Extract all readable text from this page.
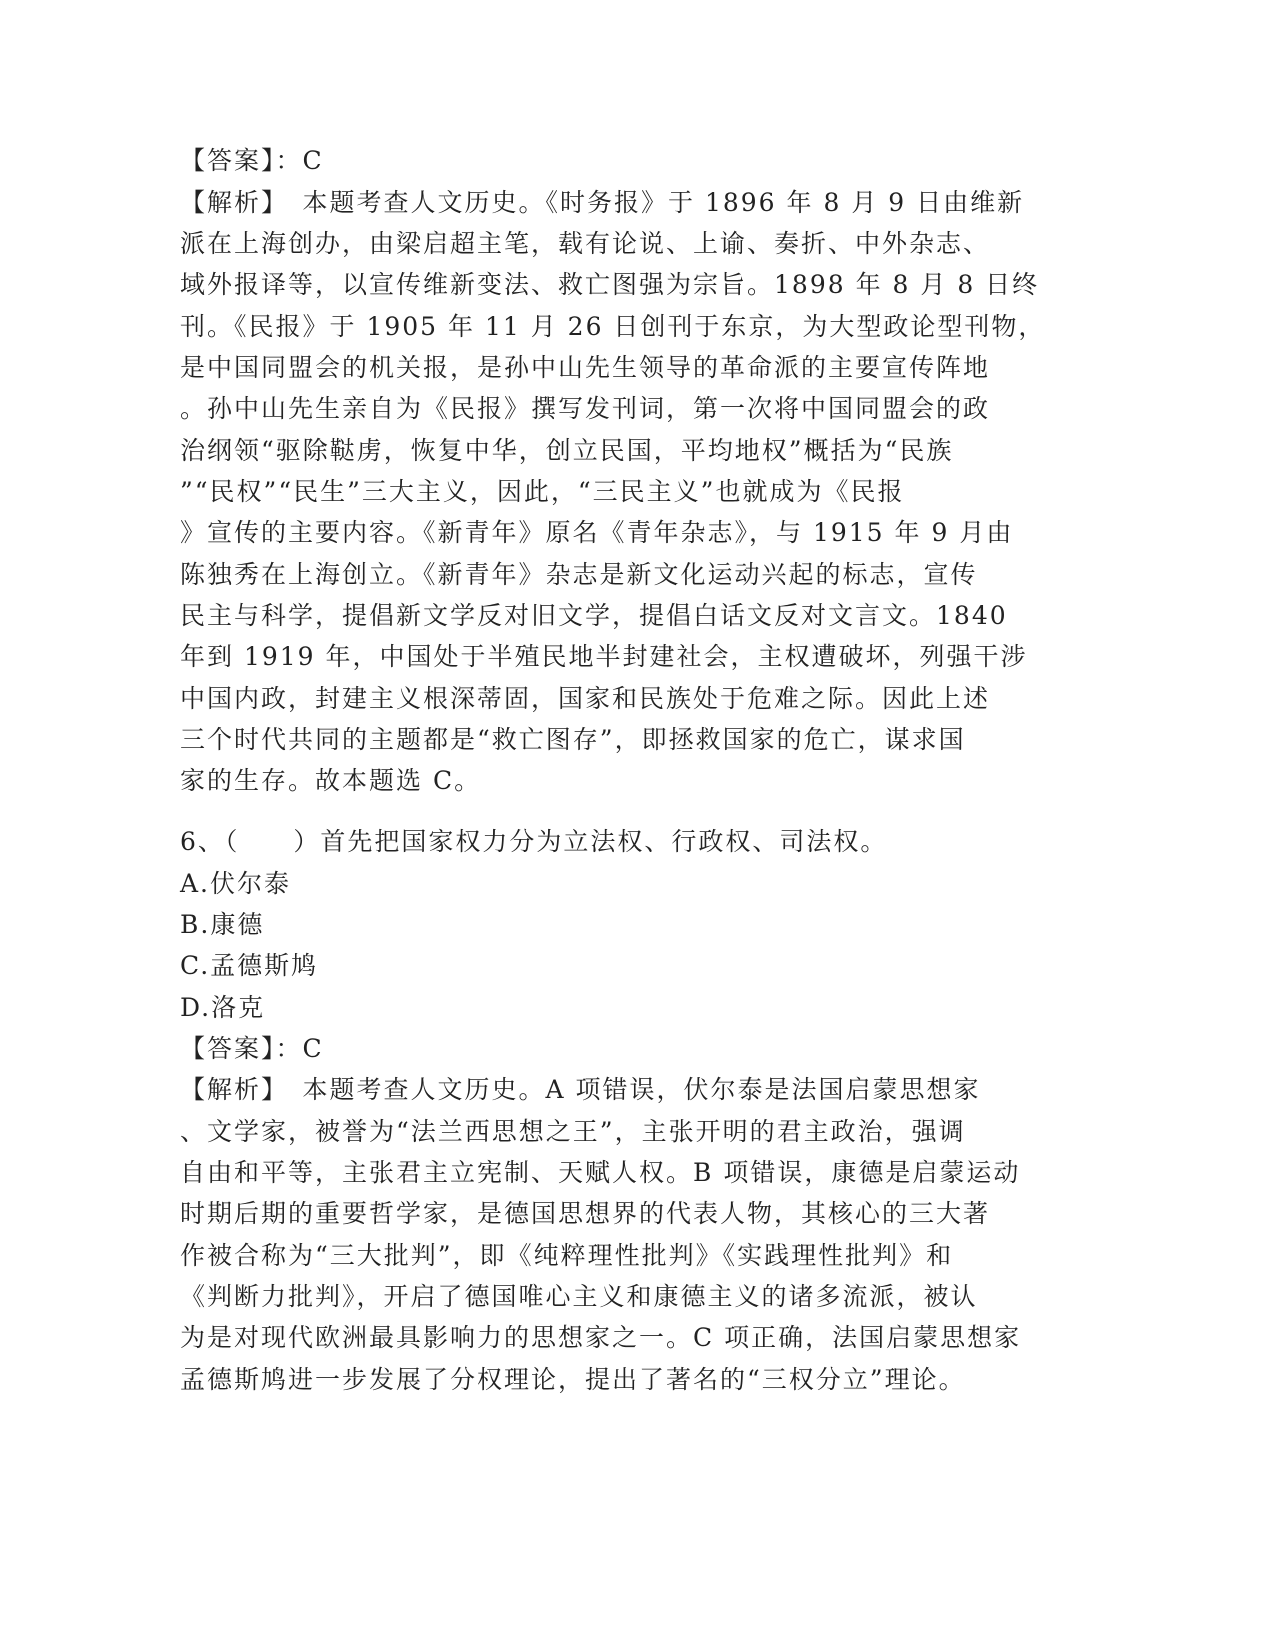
【答案】：C
【解析】　本题考查人文历史。《时务报》于 1896 年 8 月 9 日由维新
派在上海创办，由梁启超主笔，载有论说、上谕、奏折、中外杂志、
域外报译等，以宣传维新变法、救亡图强为宗旨。1898 年 8 月 8 日终
刊。《民报》于 1905 年 11 月 26 日创刊于东京，为大型政论型刊物，
是中国同盟会的机关报，是孙中山先生领导的革命派的主要宣传阵地
。孙中山先生亲自为《民报》撰写发刊词，第一次将中国同盟会的政
治纲领“驱除鞑虏，恢复中华，创立民国，平均地权”概括为“民族
”“民权”“民生”三大主义，因此，“三民主义”也就成为《民报
》宣传的主要内容。《新青年》原名《青年杂志》，与 1915 年 9 月由
陈独秀在上海创立。《新青年》杂志是新文化运动兴起的标志，宣传
民主与科学，提倡新文学反对旧文学，提倡白话文反对文言文。1840
年到 1919 年，中国处于半殖民地半封建社会，主权遭破坏，列强干涉
中国内政，封建主义根深蒂固，国家和民族处于危难之际。因此上述
三个时代共同的主题都是“救亡图存”，即拯救国家的危亡，谋求国
家的生存。故本题选 C。
6、（　　）首先把国家权力分为立法权、行政权、司法权。
A.伏尔泰
B.康德
C.孟德斯鸠
D.洛克
【答案】：C
【解析】　本题考查人文历史。A 项错误，伏尔泰是法国启蒙思想家
、文学家，被誉为“法兰西思想之王”，主张开明的君主政治，强调
自由和平等，主张君主立宪制、天赋人权。B 项错误，康德是启蒙运动
时期后期的重要哲学家，是德国思想界的代表人物，其核心的三大著
作被合称为“三大批判”，即《纯粹理性批判》《实践理性批判》和
《判断力批判》，开启了德国唯心主义和康德主义的诸多流派，被认
为是对现代欧洲最具影响力的思想家之一。C 项正确，法国启蒙思想家
孟德斯鸠进一步发展了分权理论，提出了著名的“三权分立”理论。
